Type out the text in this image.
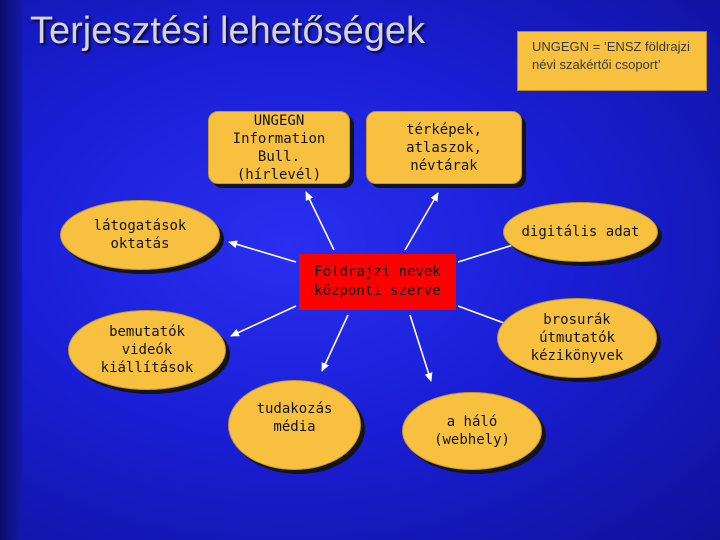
Terjesztési lehetőségek	UNGEGN = ’ENSZ földrajzi névi szakértői csoport’
UNGEGN
Information Bull.
(hírlevél)
térképek, atlaszok,
névtárak
látogatások
oktatás
digitális adat
bemutatók
videók
kiállítások
brosurák
útmutatók
kézikönyvek
tudakozás
média	a háló
(webhely)
Földrajzi nevek
központi szerve
